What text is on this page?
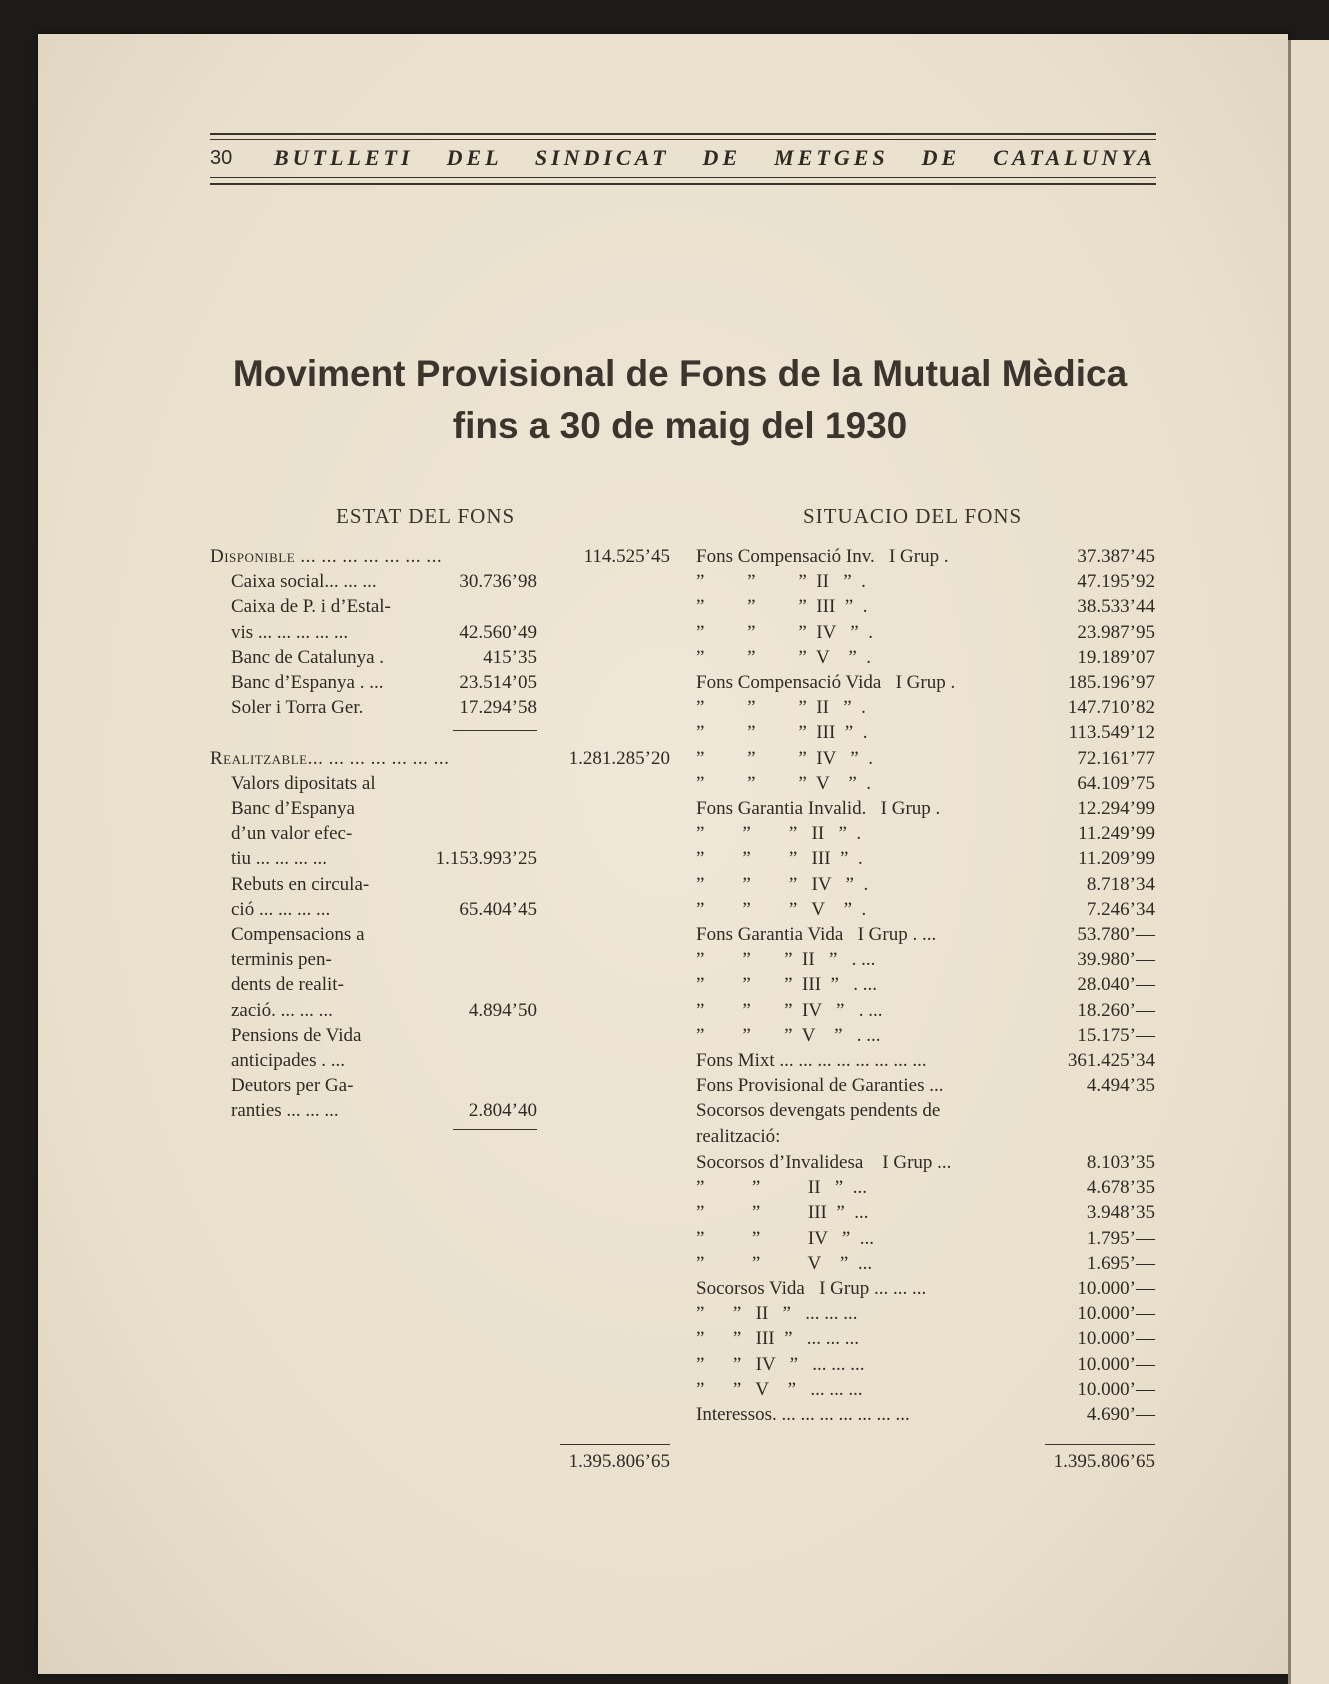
30 BUTLLETI DEL SINDICAT DE METGES DE CATALUNYA
Moviment Provisional de Fons de la Mutual Mèdica
fins a 30 de maig del 1930
ESTAT DEL FONS	SITUACIO DEL FONS
Disponible ... ... ... ... ... ... ...	114.525’45
Caixa social... ... ...	30.736’98
Caixa de P. i d’Estal-
vis ... ... ... ... ...	42.560’49
Banc de Catalunya .	415’35
Banc d’Espanya . ...	23.514’05
Soler i Torra Ger.	17.294’58
Realitzable... ... ... ... ... ... ...	1.281.285’20
Valors dipositats al
Banc d’Espanya
d’un valor efec-
tiu ... ... ... ...	1.153.993’25
Rebuts en circula-
ció ... ... ... ...	65.404’45
Compensacions a
terminis pen-
dents de realit-
zació. ... ... ...	4.894’50
Pensions de Vida
anticipades . ...
Deutors per Ga-
ranties ... ... ...	2.804’40
Fons Compensació Inv.   I Grup .	37.387’45
”         ”         ”  II   ”  .	47.195’92
”         ”         ”  III  ”  .	38.533’44
”         ”         ”  IV   ”  .	23.987’95
”         ”         ”  V    ”  .	19.189’07
Fons Compensació Vida   I Grup .	185.196’97
”         ”         ”  II   ”  .	147.710’82
”         ”         ”  III  ”  .	113.549’12
”         ”         ”  IV   ”  .	72.161’77
”         ”         ”  V    ”  .	64.109’75
Fons Garantia Invalid.   I Grup .	12.294’99
”        ”        ”   II   ”  .	11.249’99
”        ”        ”   III  ”  .	11.209’99
”        ”        ”   IV   ”  .	8.718’34
”        ”        ”   V    ”  .	7.246’34
Fons Garantia Vida   I Grup . ...	53.780’—
”        ”       ”  II   ”   . ...	39.980’—
”        ”       ”  III  ”   . ...	28.040’—
”        ”       ”  IV   ”   . ...	18.260’—
”        ”       ”  V    ”   . ...	15.175’—
Fons Mixt ... ... ... ... ... ... ... ...	361.425’34
Fons Provisional de Garanties ...	4.494’35
Socorsos devengats pendents de
realització:
Socorsos d’Invalidesa    I Grup ...	8.103’35
”          ”          II   ”  ...	4.678’35
”          ”          III  ”  ...	3.948’35
”          ”          IV   ”  ...	1.795’—
”          ”          V    ”  ...	1.695’—
Socorsos Vida   I Grup ... ... ...	10.000’—
”      ”   II   ”   ... ... ...	10.000’—
”      ”   III  ”   ... ... ...	10.000’—
”      ”   IV   ”   ... ... ...	10.000’—
”      ”   V    ”   ... ... ...	10.000’—
Interessos. ... ... ... ... ... ... ...	4.690’—
1.395.806’65	1.395.806’65
